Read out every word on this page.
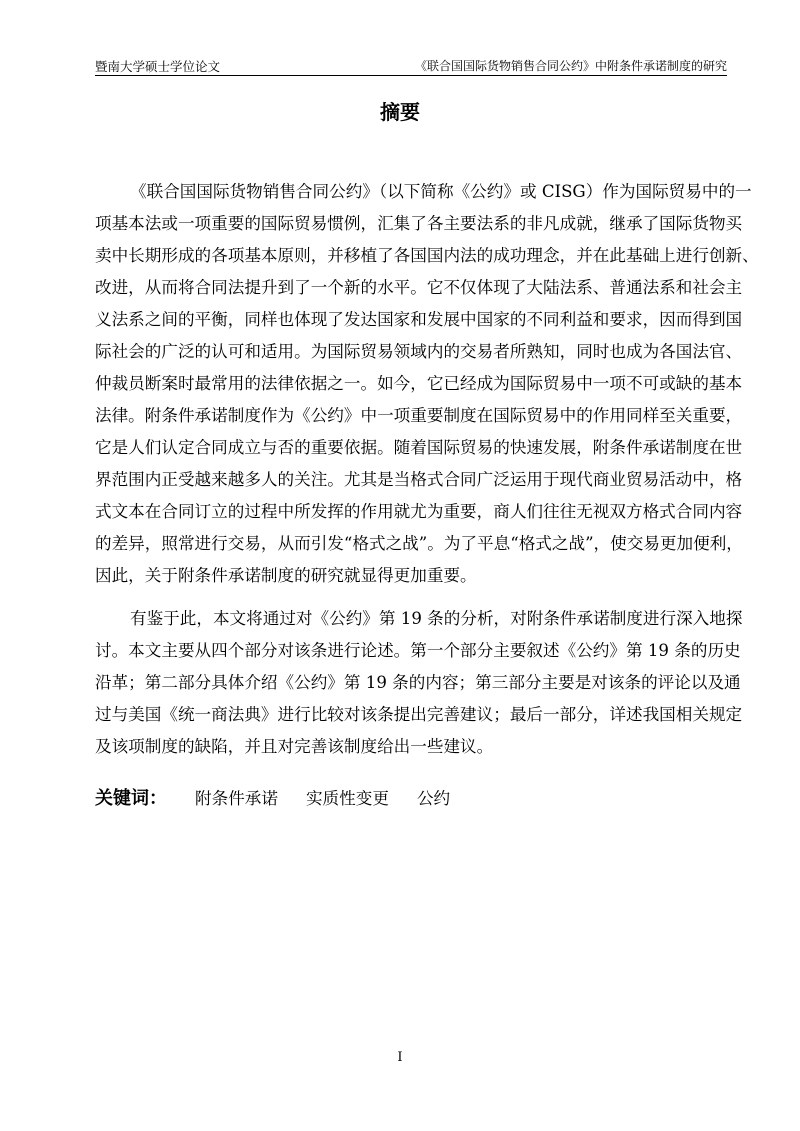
暨南大学硕士学位论文	《联合国国际货物销售合同公约》中附条件承诺制度的研究
摘要
《联合国国际货物销售合同公约》（以下简称《公约》或 CISG）作为国际贸易中的一
项基本法或一项重要的国际贸易惯例，汇集了各主要法系的非凡成就，继承了国际货物买
卖中长期形成的各项基本原则，并移植了各国国内法的成功理念，并在此基础上进行创新、
改进，从而将合同法提升到了一个新的水平。它不仅体现了大陆法系、普通法系和社会主
义法系之间的平衡，同样也体现了发达国家和发展中国家的不同利益和要求，因而得到国
际社会的广泛的认可和适用。为国际贸易领域内的交易者所熟知，同时也成为各国法官、
仲裁员断案时最常用的法律依据之一。如今，它已经成为国际贸易中一项不可或缺的基本
法律。附条件承诺制度作为《公约》中一项重要制度在国际贸易中的作用同样至关重要，
它是人们认定合同成立与否的重要依据。随着国际贸易的快速发展，附条件承诺制度在世
界范围内正受越来越多人的关注。尤其是当格式合同广泛运用于现代商业贸易活动中，格
式文本在合同订立的过程中所发挥的作用就尤为重要，商人们往往无视双方格式合同内容
的差异，照常进行交易，从而引发“格式之战”。为了平息“格式之战”，使交易更加便利，
因此，关于附条件承诺制度的研究就显得更加重要。
有鉴于此，本文将通过对《公约》第 19 条的分析，对附条件承诺制度进行深入地探
讨。本文主要从四个部分对该条进行论述。第一个部分主要叙述《公约》第 19 条的历史
沿革；第二部分具体介绍《公约》第 19 条的内容；第三部分主要是对该条的评论以及通
过与美国《统一商法典》进行比较对该条提出完善建议；最后一部分，详述我国相关规定
及该项制度的缺陷，并且对完善该制度给出一些建议。
关键词： 附条件承诺 实质性变更 公约
I
